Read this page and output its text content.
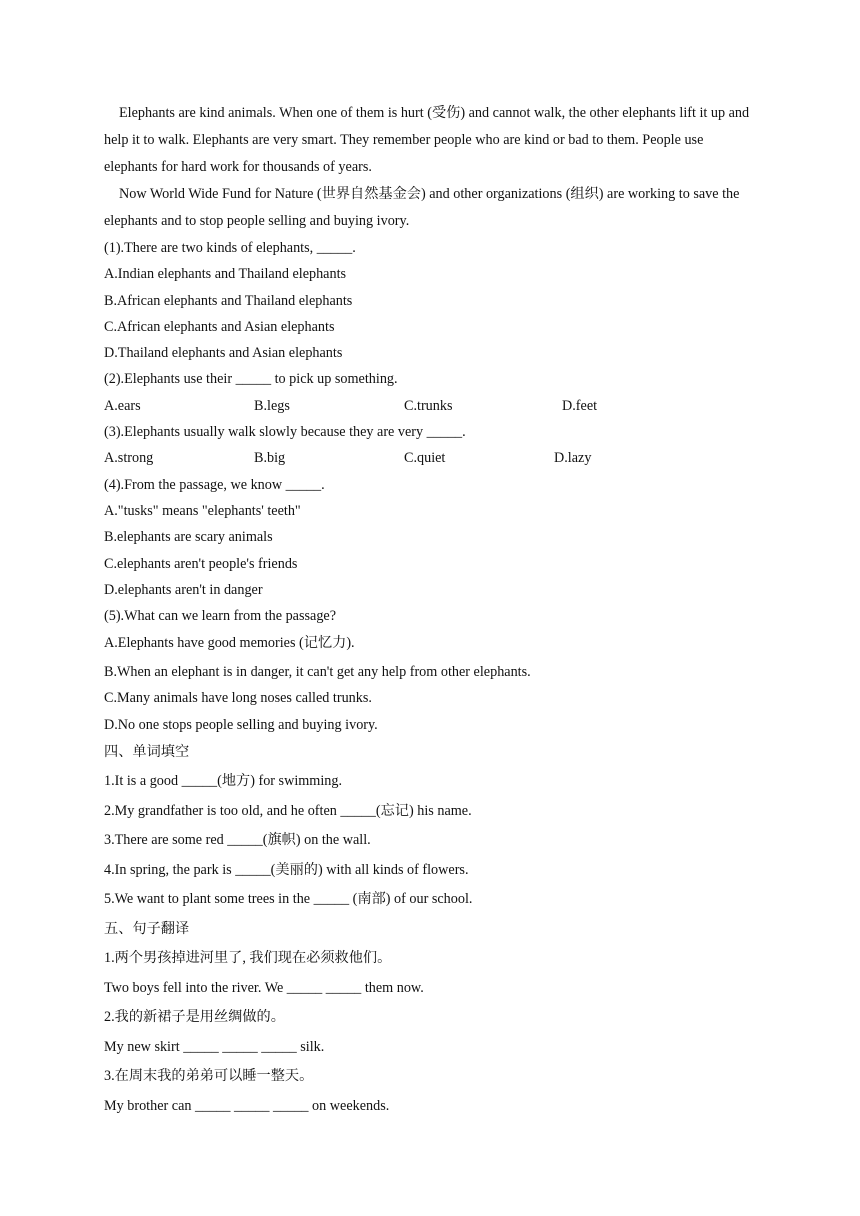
Elephants are kind animals. When one of them is hurt (受伤) and cannot walk, the other elephants lift it up and help it to walk. Elephants are very smart. They remember people who are kind or bad to them. People use elephants for hard work for thousands of years.

Now World Wide Fund for Nature (世界自然基金会) and other organizations (组织) are working to save the elephants and to stop people selling and buying ivory.

(1).There are two kinds of elephants, _____.
A.Indian elephants and Thailand elephants
B.African elephants and Thailand elephants
C.African elephants and Asian elephants
D.Thailand elephants and Asian elephants
(2).Elephants use their _____ to pick up something.
A.ears	B.legs	C.trunks	D.feet
(3).Elephants usually walk slowly because they are very _____.
A.strong	B.big	C.quiet	D.lazy
(4).From the passage, we know _____.
A."tusks" means "elephants' teeth"
B.elephants are scary animals
C.elephants aren't people's friends
D.elephants aren't in danger
(5).What can we learn from the passage?
A.Elephants have good memories (记忆力).
B.When an elephant is in danger, it can't get any help from other elephants.
C.Many animals have long noses called trunks.
D.No one stops people selling and buying ivory.
四、单词填空
1.It is a good _____(地方) for swimming.
2.My grandfather is too old, and he often _____(忘记) his name.
3.There are some red _____(旗帜) on the wall.
4.In spring, the park is _____(美丽的) with all kinds of flowers.
5.We want to plant some trees in the _____ (南部) of our school.
五、句子翻译
1.两个男孩掉进河里了, 我们现在必须救他们。
Two boys fell into the river. We _____ _____ them now.
2.我的新裙子是用丝绸做的。
My new skirt _____ _____ _____ silk.
3.在周末我的弟弟可以睡一整天。
My brother can _____ _____ _____ on weekends.
